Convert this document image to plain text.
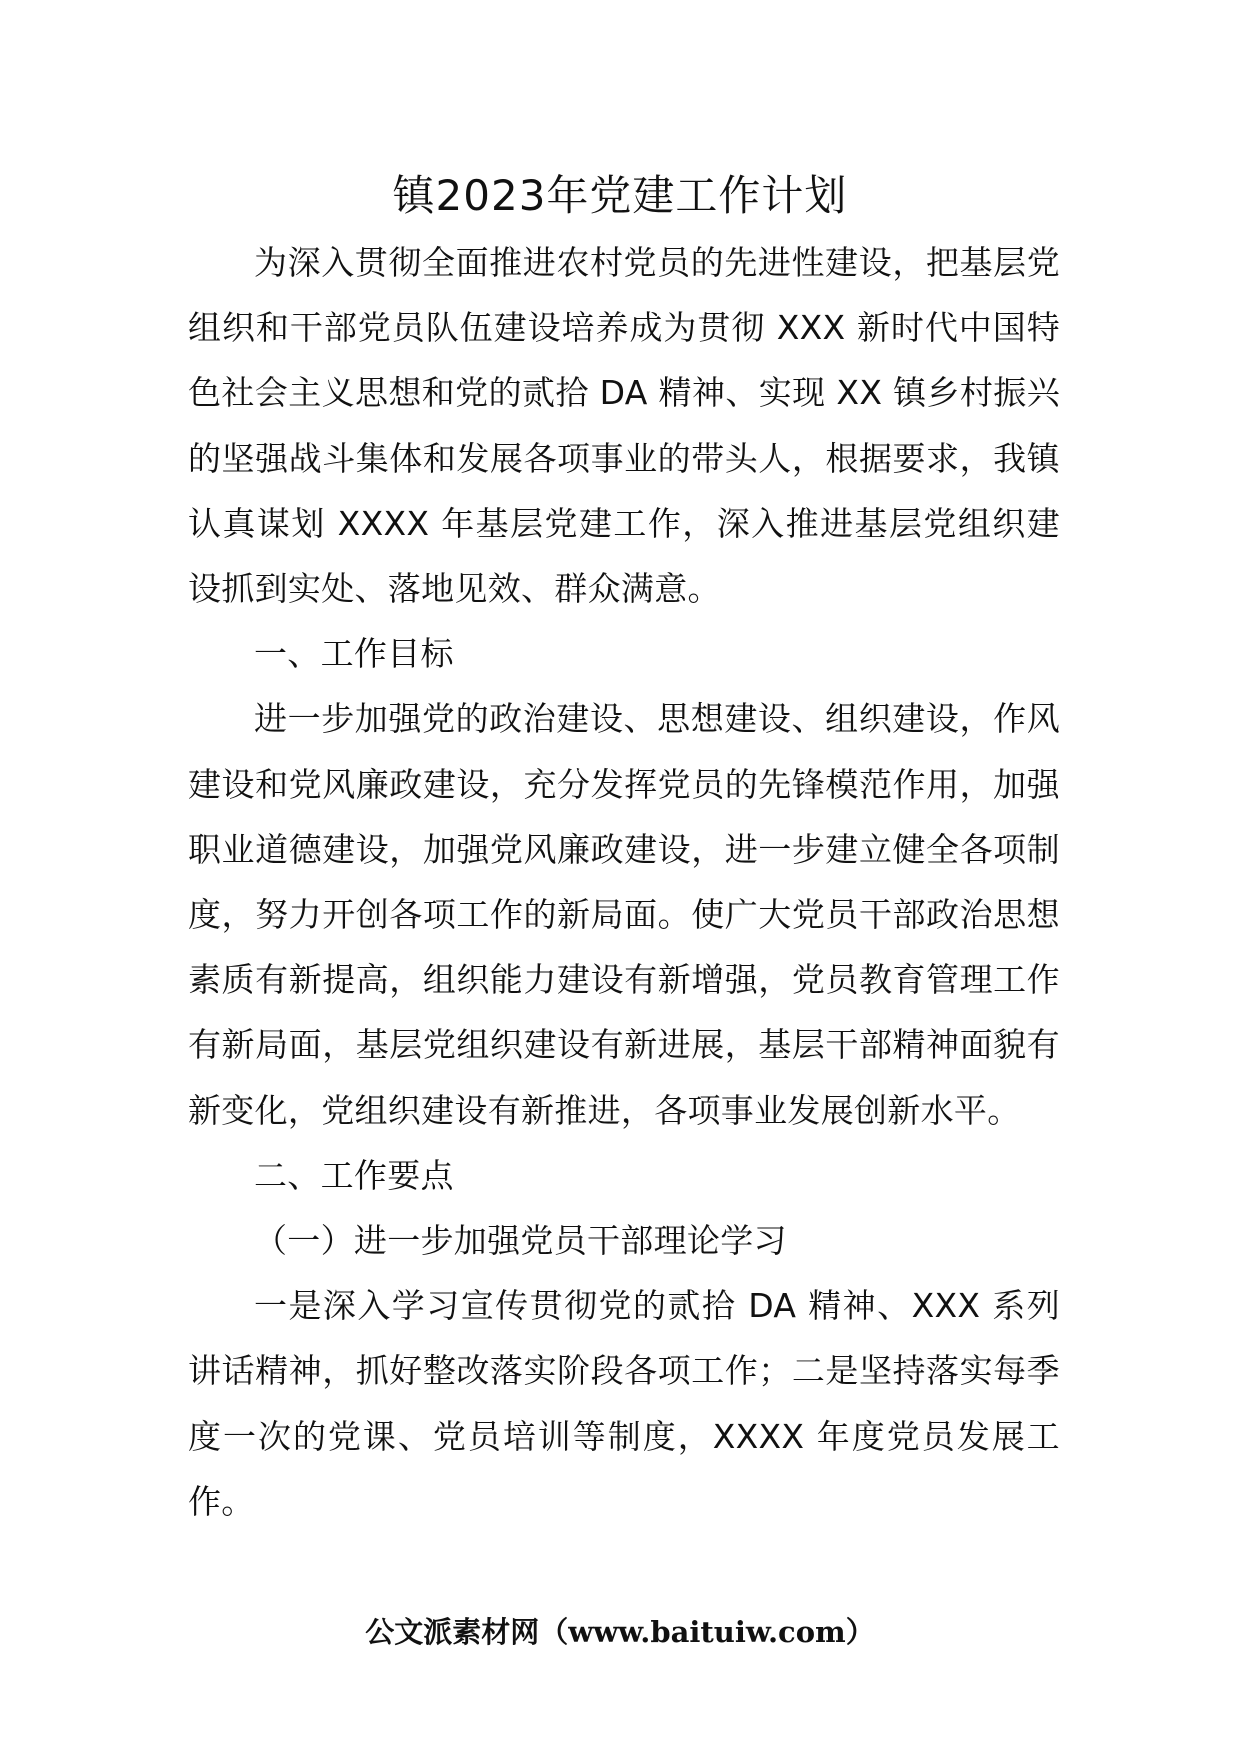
镇2023年党建工作计划

为深入贯彻全面推进农村党员的先进性建设，把基层党组织和干部党员队伍建设培养成为贯彻 XXX 新时代中国特色社会主义思想和党的贰拾 DA 精神、实现 XX 镇乡村振兴的坚强战斗集体和发展各项事业的带头人，根据要求，我镇认真谋划 XXXX 年基层党建工作，深入推进基层党组织建设抓到实处、落地见效、群众满意。

一、工作目标

进一步加强党的政治建设、思想建设、组织建设，作风建设和党风廉政建设，充分发挥党员的先锋模范作用，加强职业道德建设，加强党风廉政建设，进一步建立健全各项制度，努力开创各项工作的新局面。使广大党员干部政治思想素质有新提高，组织能力建设有新增强，党员教育管理工作有新局面，基层党组织建设有新进展，基层干部精神面貌有新变化，党组织建设有新推进，各项事业发展创新水平。

二、工作要点

（一）进一步加强党员干部理论学习

一是深入学习宣传贯彻党的贰拾 DA 精神、XXX 系列讲话精神，抓好整改落实阶段各项工作；二是坚持落实每季度一次的党课、党员培训等制度，XXXX 年度党员发展工作。

公文派素材网（www.baituiw.com）
